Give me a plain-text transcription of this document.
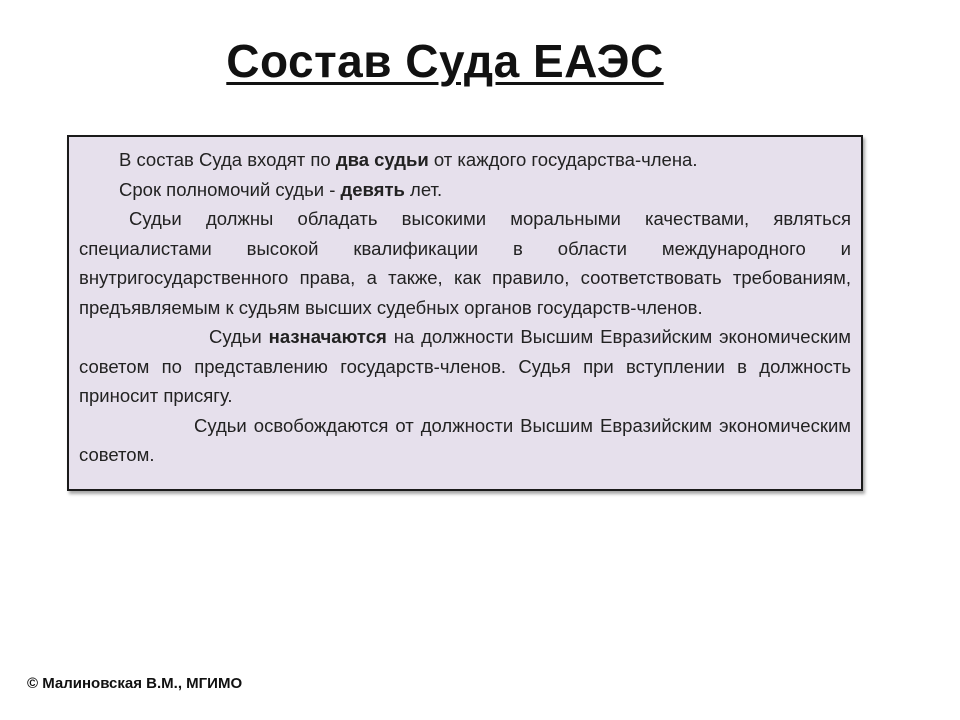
Состав Суда ЕАЭС

В состав Суда входят по два судьи от каждого государства-члена.

Срок полномочий судьи - девять лет.

Судьи должны обладать высокими моральными качествами, являться специалистами высокой квалификации в области международного и внутригосударственного права, а также, как правило, соответствовать требованиям, предъявляемым к судьям высших судебных органов государств-членов.

Судьи назначаются на должности Высшим Евразийским экономическим советом по представлению государств-членов. Судья при вступлении в должность приносит присягу.

Судьи освобождаются от должности Высшим Евразийским экономическим советом.

© Малиновская В.М., МГИМО
